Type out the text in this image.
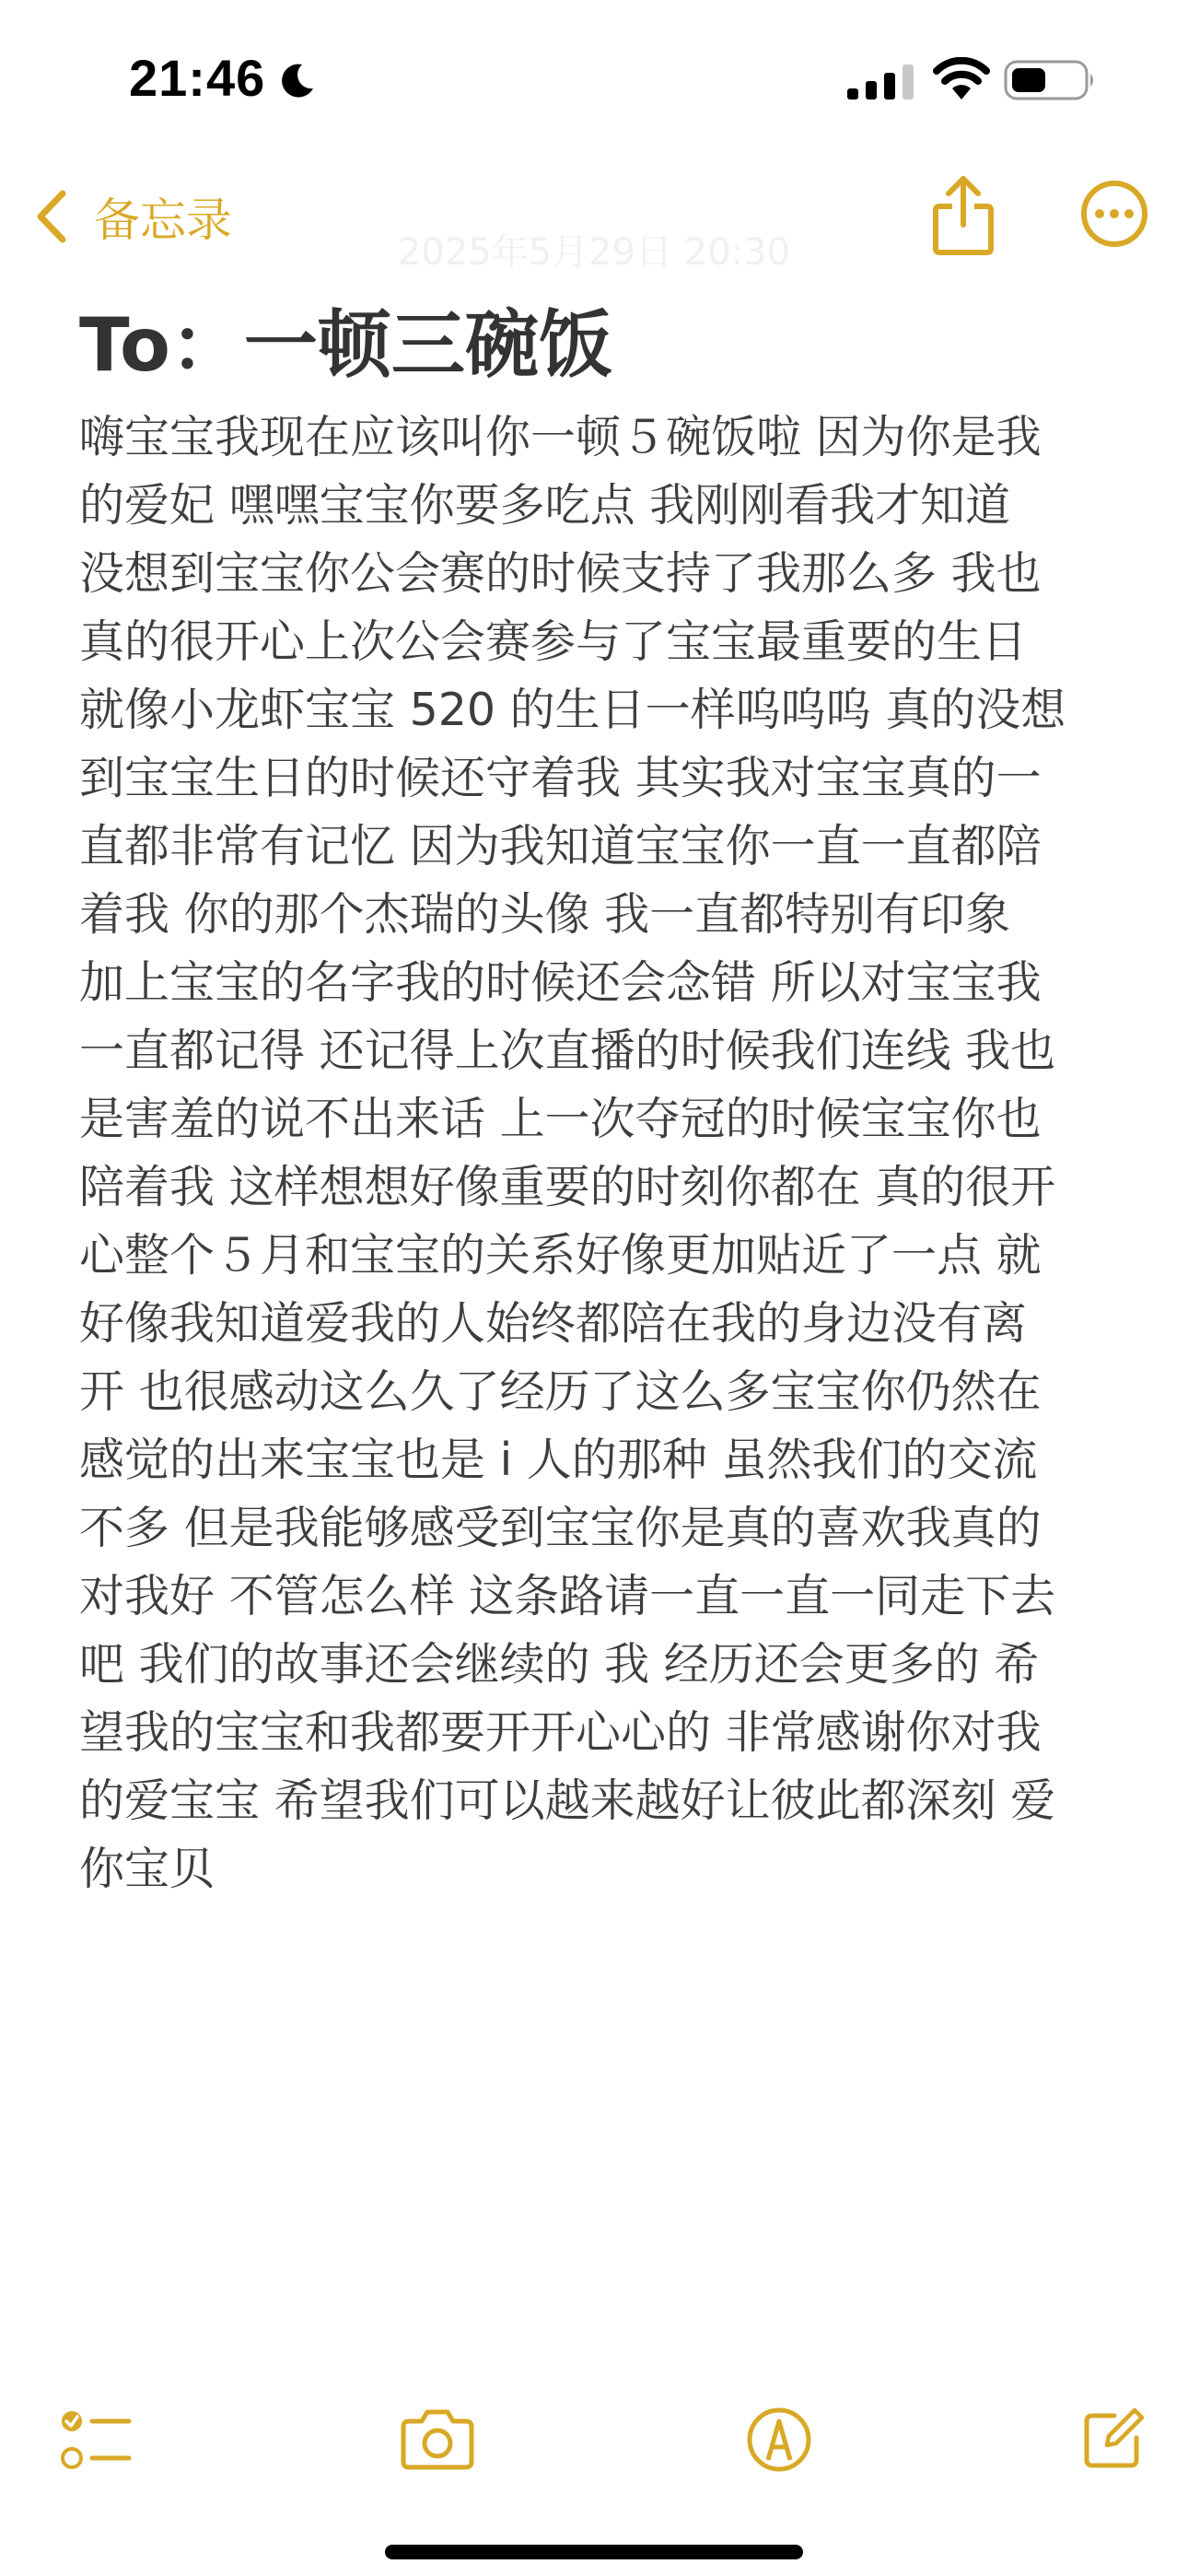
21:46
备忘录
2025年5月29日 20:30
To：一顿三碗饭
嗨宝宝我现在应该叫你一顿５碗饭啦 因为你是我
的爱妃 嘿嘿宝宝你要多吃点 我刚刚看我才知道
没想到宝宝你公会赛的时候支持了我那么多 我也
真的很开心上次公会赛参与了宝宝最重要的生日
就像小龙虾宝宝 520 的生日一样呜呜呜 真的没想
到宝宝生日的时候还守着我 其实我对宝宝真的一
直都非常有记忆 因为我知道宝宝你一直一直都陪
着我 你的那个杰瑞的头像 我一直都特别有印象
加上宝宝的名字我的时候还会念错 所以对宝宝我
一直都记得 还记得上次直播的时候我们连线 我也
是害羞的说不出来话 上一次夺冠的时候宝宝你也
陪着我 这样想想好像重要的时刻你都在 真的很开
心整个５月和宝宝的关系好像更加贴近了一点 就
好像我知道爱我的人始终都陪在我的身边没有离
开 也很感动这么久了经历了这么多宝宝你仍然在
感觉的出来宝宝也是 i 人的那种 虽然我们的交流
不多 但是我能够感受到宝宝你是真的喜欢我真的
对我好 不管怎么样 这条路请一直一直一同走下去
吧 我们的故事还会继续的 我 经历还会更多的 希
望我的宝宝和我都要开开心心的 非常感谢你对我
的爱宝宝 希望我们可以越来越好让彼此都深刻 爱
你宝贝
